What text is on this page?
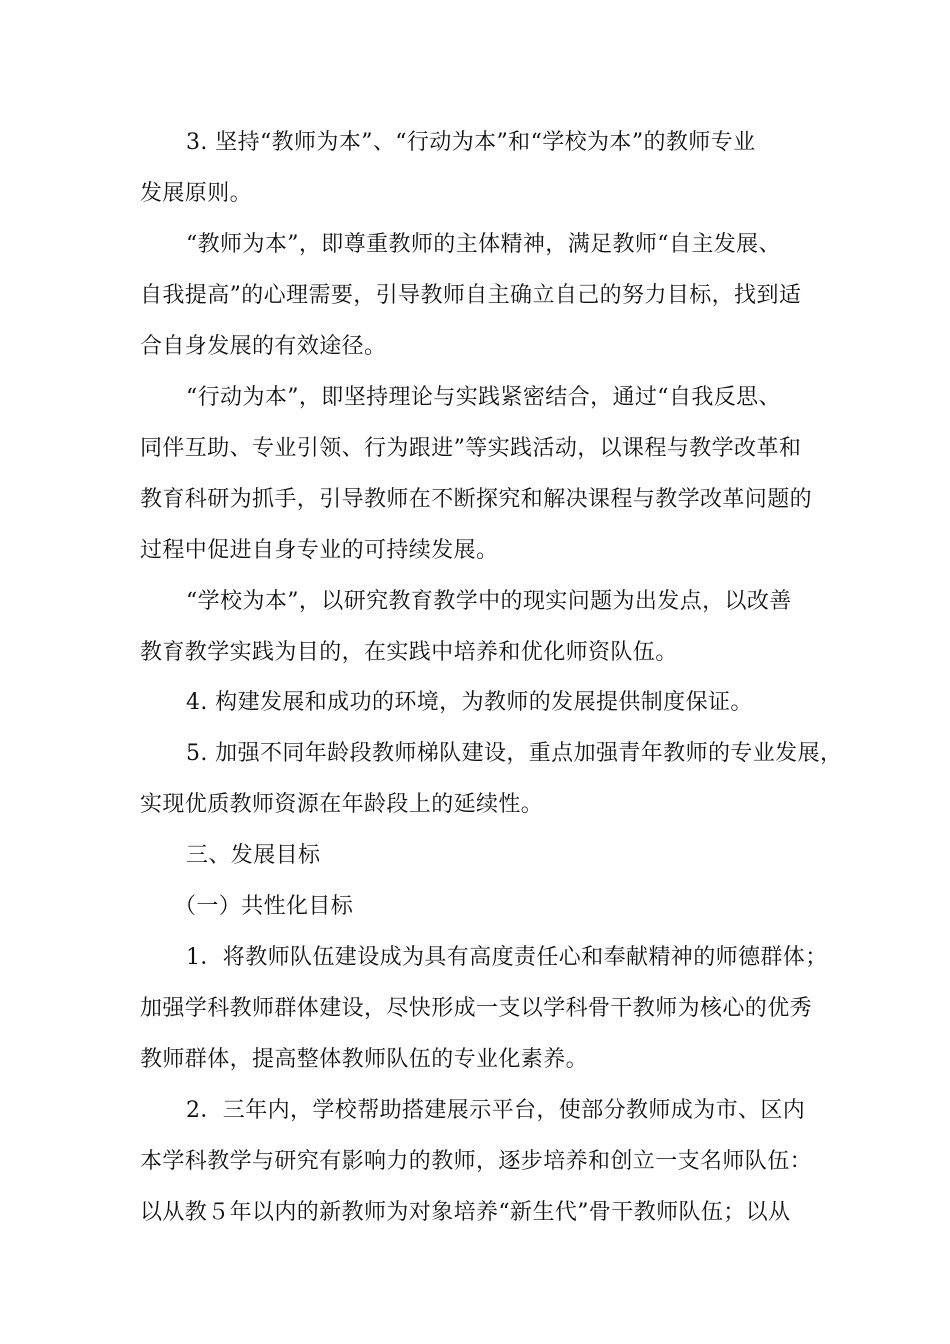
3. 坚持“教师为本”、“行动为本”和“学校为本”的教师专业
发展原则。
“教师为本”，即尊重教师的主体精神，满足教师“自主发展、
自我提高”的心理需要，引导教师自主确立自己的努力目标，找到适
合自身发展的有效途径。
“行动为本”，即坚持理论与实践紧密结合，通过“自我反思、
同伴互助、专业引领、行为跟进”等实践活动，以课程与教学改革和
教育科研为抓手，引导教师在不断探究和解决课程与教学改革问题的
过程中促进自身专业的可持续发展。
“学校为本”，以研究教育教学中的现实问题为出发点，以改善
教育教学实践为目的，在实践中培养和优化师资队伍。
4. 构建发展和成功的环境，为教师的发展提供制度保证。
5. 加强不同年龄段教师梯队建设，重点加强青年教师的专业发展，
实现优质教师资源在年龄段上的延续性。
三、发展目标
（一）共性化目标
1．将教师队伍建设成为具有高度责任心和奉献精神的师德群体；
加强学科教师群体建设，尽快形成一支以学科骨干教师为核心的优秀
教师群体，提高整体教师队伍的专业化素养。
2．三年内，学校帮助搭建展示平台，使部分教师成为市、区内
本学科教学与研究有影响力的教师，逐步培养和创立一支名师队伍：
以从教５年以内的新教师为对象培养“新生代”骨干教师队伍；以从
